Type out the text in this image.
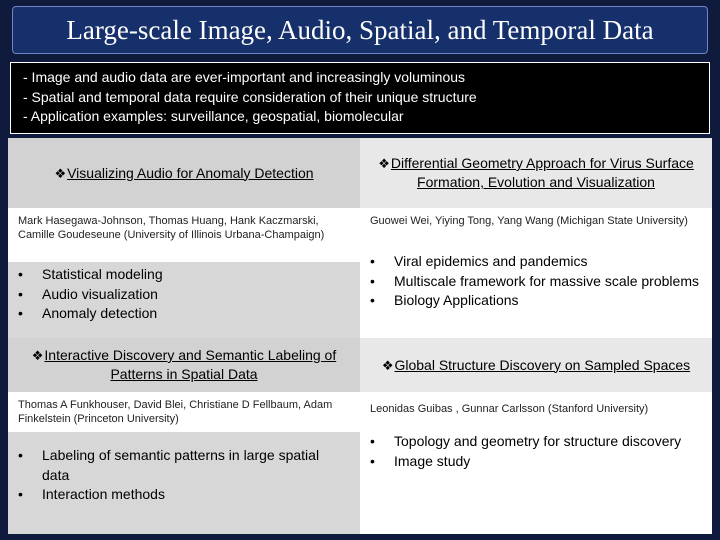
Large-scale Image, Audio, Spatial, and Temporal Data
- Image and audio data are ever-important and increasingly voluminous
- Spatial and temporal data require consideration of their unique structure
- Application examples: surveillance, geospatial, biomolecular
❖Visualizing Audio for Anomaly Detection
Mark Hasegawa-Johnson, Thomas Huang, Hank Kaczmarski, Camille Goudeseune (University of Illinois Urbana-Champaign)
• Statistical modeling
• Audio visualization
• Anomaly detection
❖Interactive Discovery and Semantic Labeling of Patterns in Spatial Data
Thomas A Funkhouser, David Blei, Christiane D Fellbaum, Adam Finkelstein (Princeton University)
• Labeling of semantic patterns in large spatial data
• Interaction methods
❖Differential Geometry Approach for Virus Surface Formation, Evolution and Visualization
Guowei Wei, Yiying Tong, Yang Wang (Michigan State University)
• Viral epidemics and pandemics
• Multiscale framework for massive scale problems
• Biology Applications
❖Global Structure Discovery on Sampled Spaces
Leonidas Guibas , Gunnar Carlsson (Stanford University)
• Topology and geometry for structure discovery
• Image study
